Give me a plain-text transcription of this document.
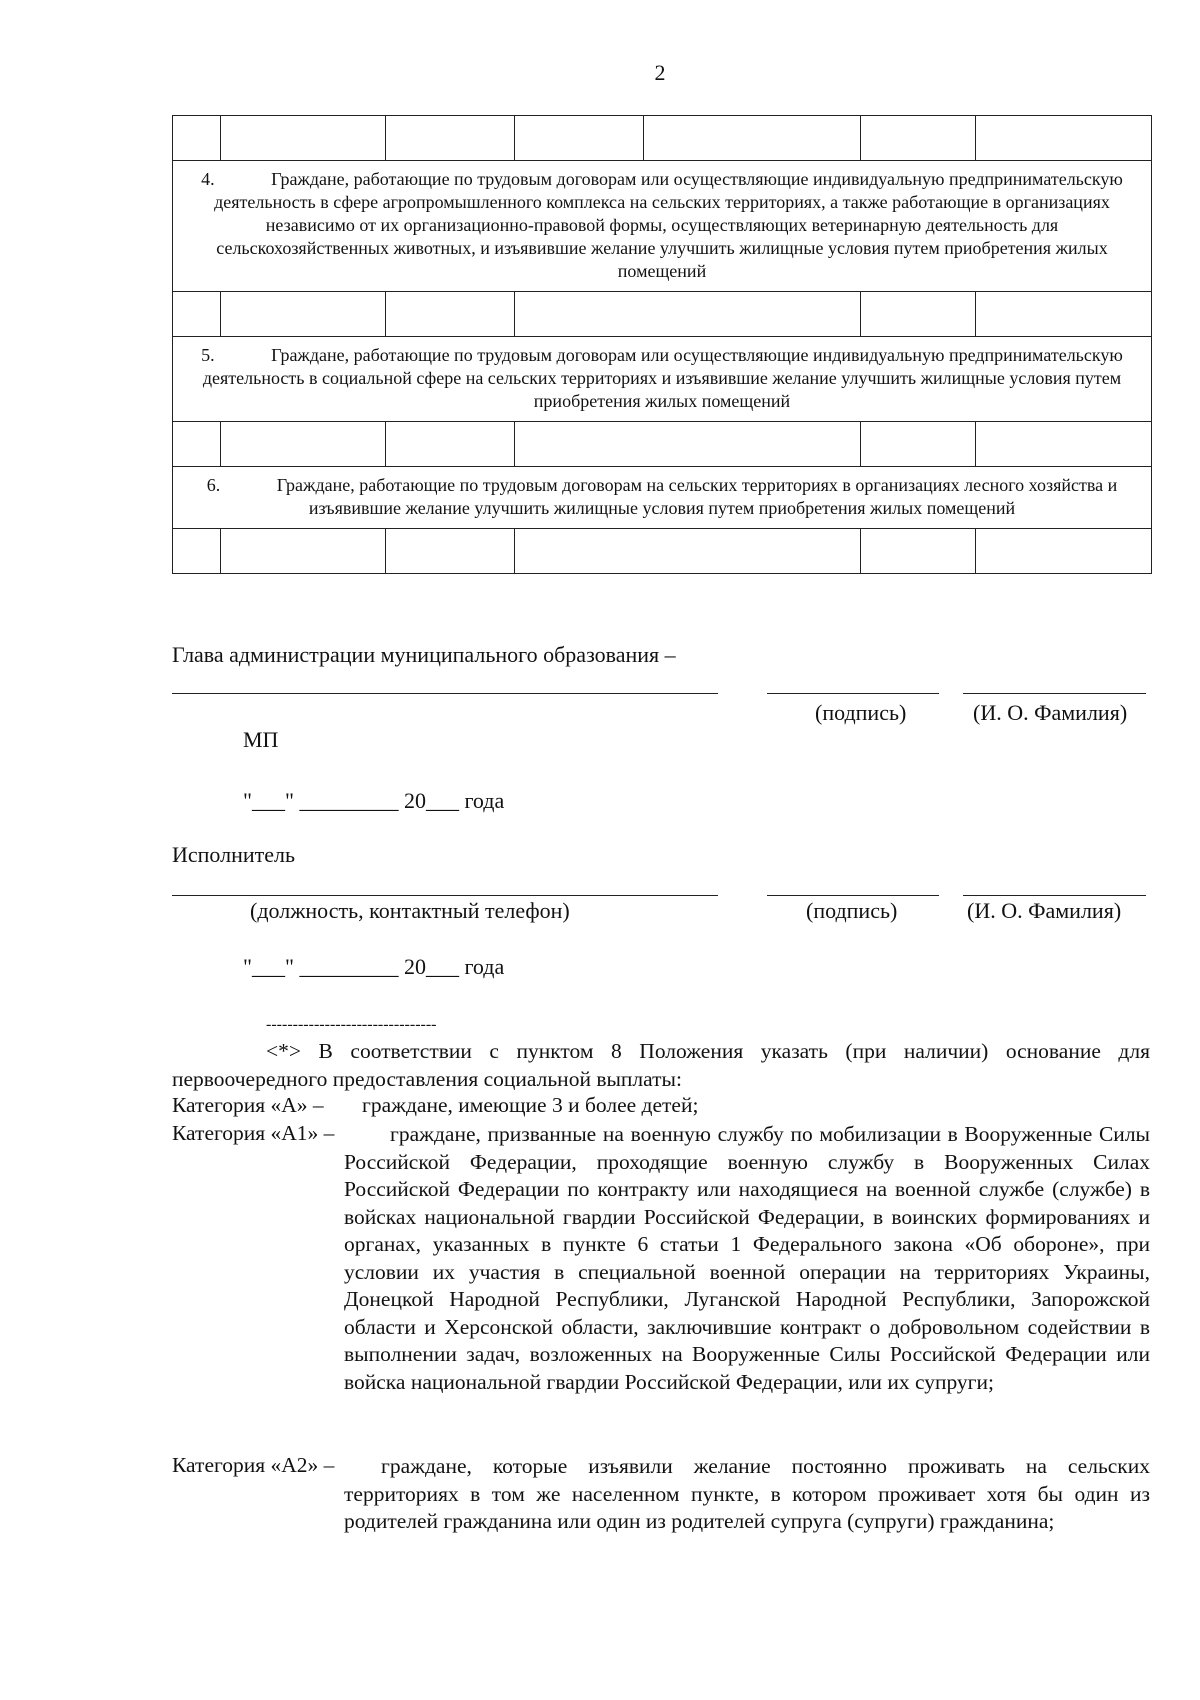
2

4. Граждане, работающие по трудовым договорам или осуществляющие индивидуальную предпринимательскую деятельность в сфере агропромышленного комплекса на сельских территориях, а также работающие в организациях независимо от их организационно-правовой формы, осуществляющих ветеринарную деятельность для сельскохозяйственных животных, и изъявившие желание улучшить жилищные условия путем приобретения жилых помещений						

5. Граждане, работающие по трудовым договорам или осуществляющие индивидуальную предпринимательскую деятельность в социальной сфере на сельских территориях и изъявившие желание улучшить жилищные условия путем приобретения жилых помещений						

6. Граждане, работающие по трудовым договорам на сельских территориях в организациях лесного хозяйства и изъявившие желание улучшить жилищные условия путем приобретения жилых помещений						

Глава администрации муниципального образования –
(подпись)	(И. О. Фамилия)
МП
"___" _________ 20___ года
Исполнитель
(должность, контактный телефон)	(подпись)	(И. О. Фамилия)
"___" _________ 20___ года
--------------------------------
<*> В соответствии с пунктом 8 Положения указать (при наличии) основание для первоочередного предоставления социальной выплаты:
Категория «А» – граждане, имеющие 3 и более детей;
Категория «А1» –	граждане, призванные на военную службу по мобилизации в Вооруженные Силы Российской Федерации, проходящие военную службу в Вооруженных Силах Российской Федерации по контракту или находящиеся на военной службе (службе) в войсках национальной гвардии Российской Федерации, в воинских формированиях и органах, указанных в пункте 6 статьи 1 Федерального закона «Об обороне», при условии их участия в специальной военной операции на территориях Украины, Донецкой Народной Республики, Луганской Народной Республики, Запорожской области и Херсонской области, заключившие контракт о добровольном содействии в выполнении задач, возложенных на Вооруженные Силы Российской Федерации или войска национальной гвардии Российской Федерации, или их супруги;
Категория «А2» –	граждане, которые изъявили желание постоянно проживать на сельских территориях в том же населенном пункте, в котором проживает хотя бы один из родителей гражданина или один из родителей супруга (супруги) гражданина;
